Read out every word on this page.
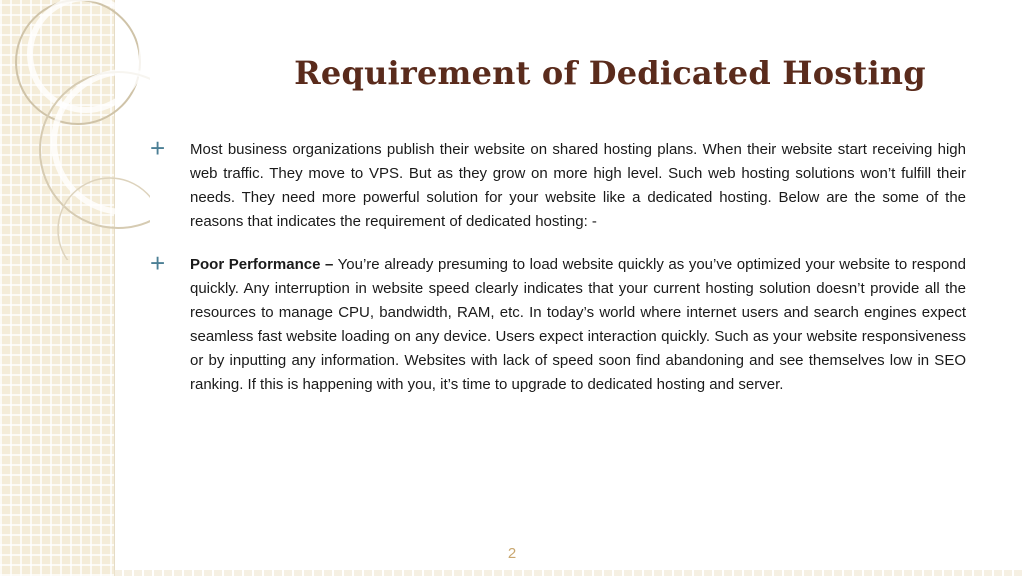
Requirement of Dedicated Hosting
+ Most business organizations publish their website on shared hosting plans. When their website start receiving high web traffic. They move to VPS. But as they grow on more high level. Such web hosting solutions won’t fulfill their needs. They need more powerful solution for your website like a dedicated hosting. Below are the some of the reasons that indicates the requirement of dedicated hosting: -

+ Poor Performance – You’re already presuming to load website quickly as you’ve optimized your website to respond quickly. Any interruption in website speed clearly indicates that your current hosting solution doesn’t provide all the resources to manage CPU, bandwidth, RAM, etc. In today’s world where internet users and search engines expect seamless fast website loading on any device. Users expect interaction quickly. Such as your website responsiveness or by inputting any information. Websites with lack of speed soon find abandoning and see themselves low in SEO ranking. If this is happening with you, it’s time to upgrade to dedicated hosting and server.

2
